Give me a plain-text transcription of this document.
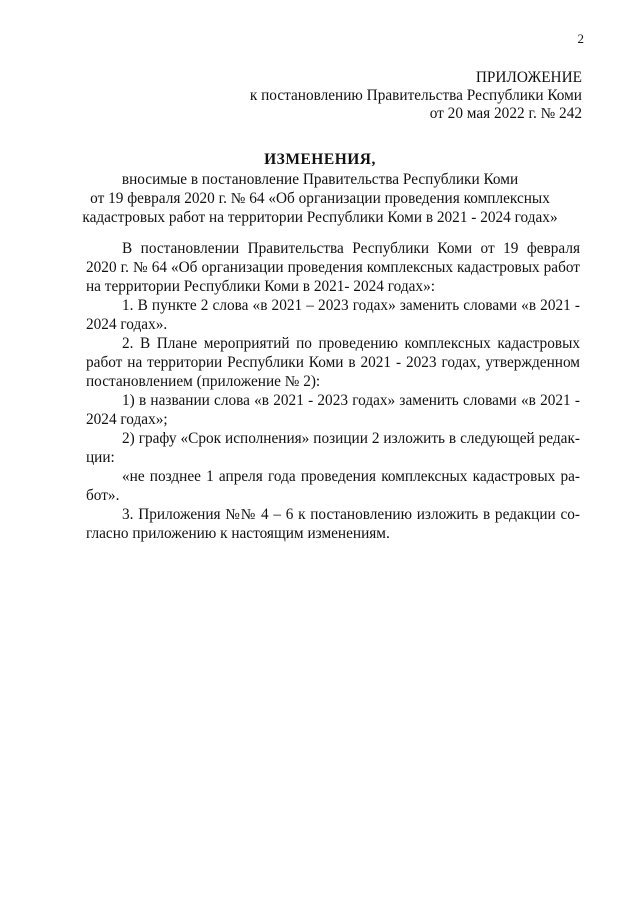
2
ПРИЛОЖЕНИЕ
к постановлению Правительства Республики Коми
от 20 мая 2022 г. № 242
ИЗМЕНЕНИЯ,
вносимые в постановление Правительства Республики Коми
от 19 февраля 2020 г. № 64 «Об организации проведения комплексных
кадастровых работ на территории Республики Коми в 2021 - 2024 годах»
В постановлении Правительства Республики Коми от 19 февраля
2020 г. № 64 «Об организации проведения комплексных кадастровых работ
на территории Республики Коми в 2021- 2024 годах»:
1. В пункте 2 слова «в 2021 – 2023 годах» заменить словами «в 2021 -
2024 годах».
2. В Плане мероприятий по проведению комплексных кадастровых
работ на территории Республики Коми в 2021 - 2023 годах, утвержденном
постановлением (приложение № 2):
1) в названии слова «в 2021 - 2023 годах» заменить словами «в 2021 -
2024 годах»;
2) графу «Срок исполнения» позиции 2 изложить в следующей редак-
ции:
«не позднее 1 апреля года проведения комплексных кадастровых ра-
бот».
3. Приложения №№ 4 – 6 к постановлению изложить в редакции со-
гласно приложению к настоящим изменениям.
